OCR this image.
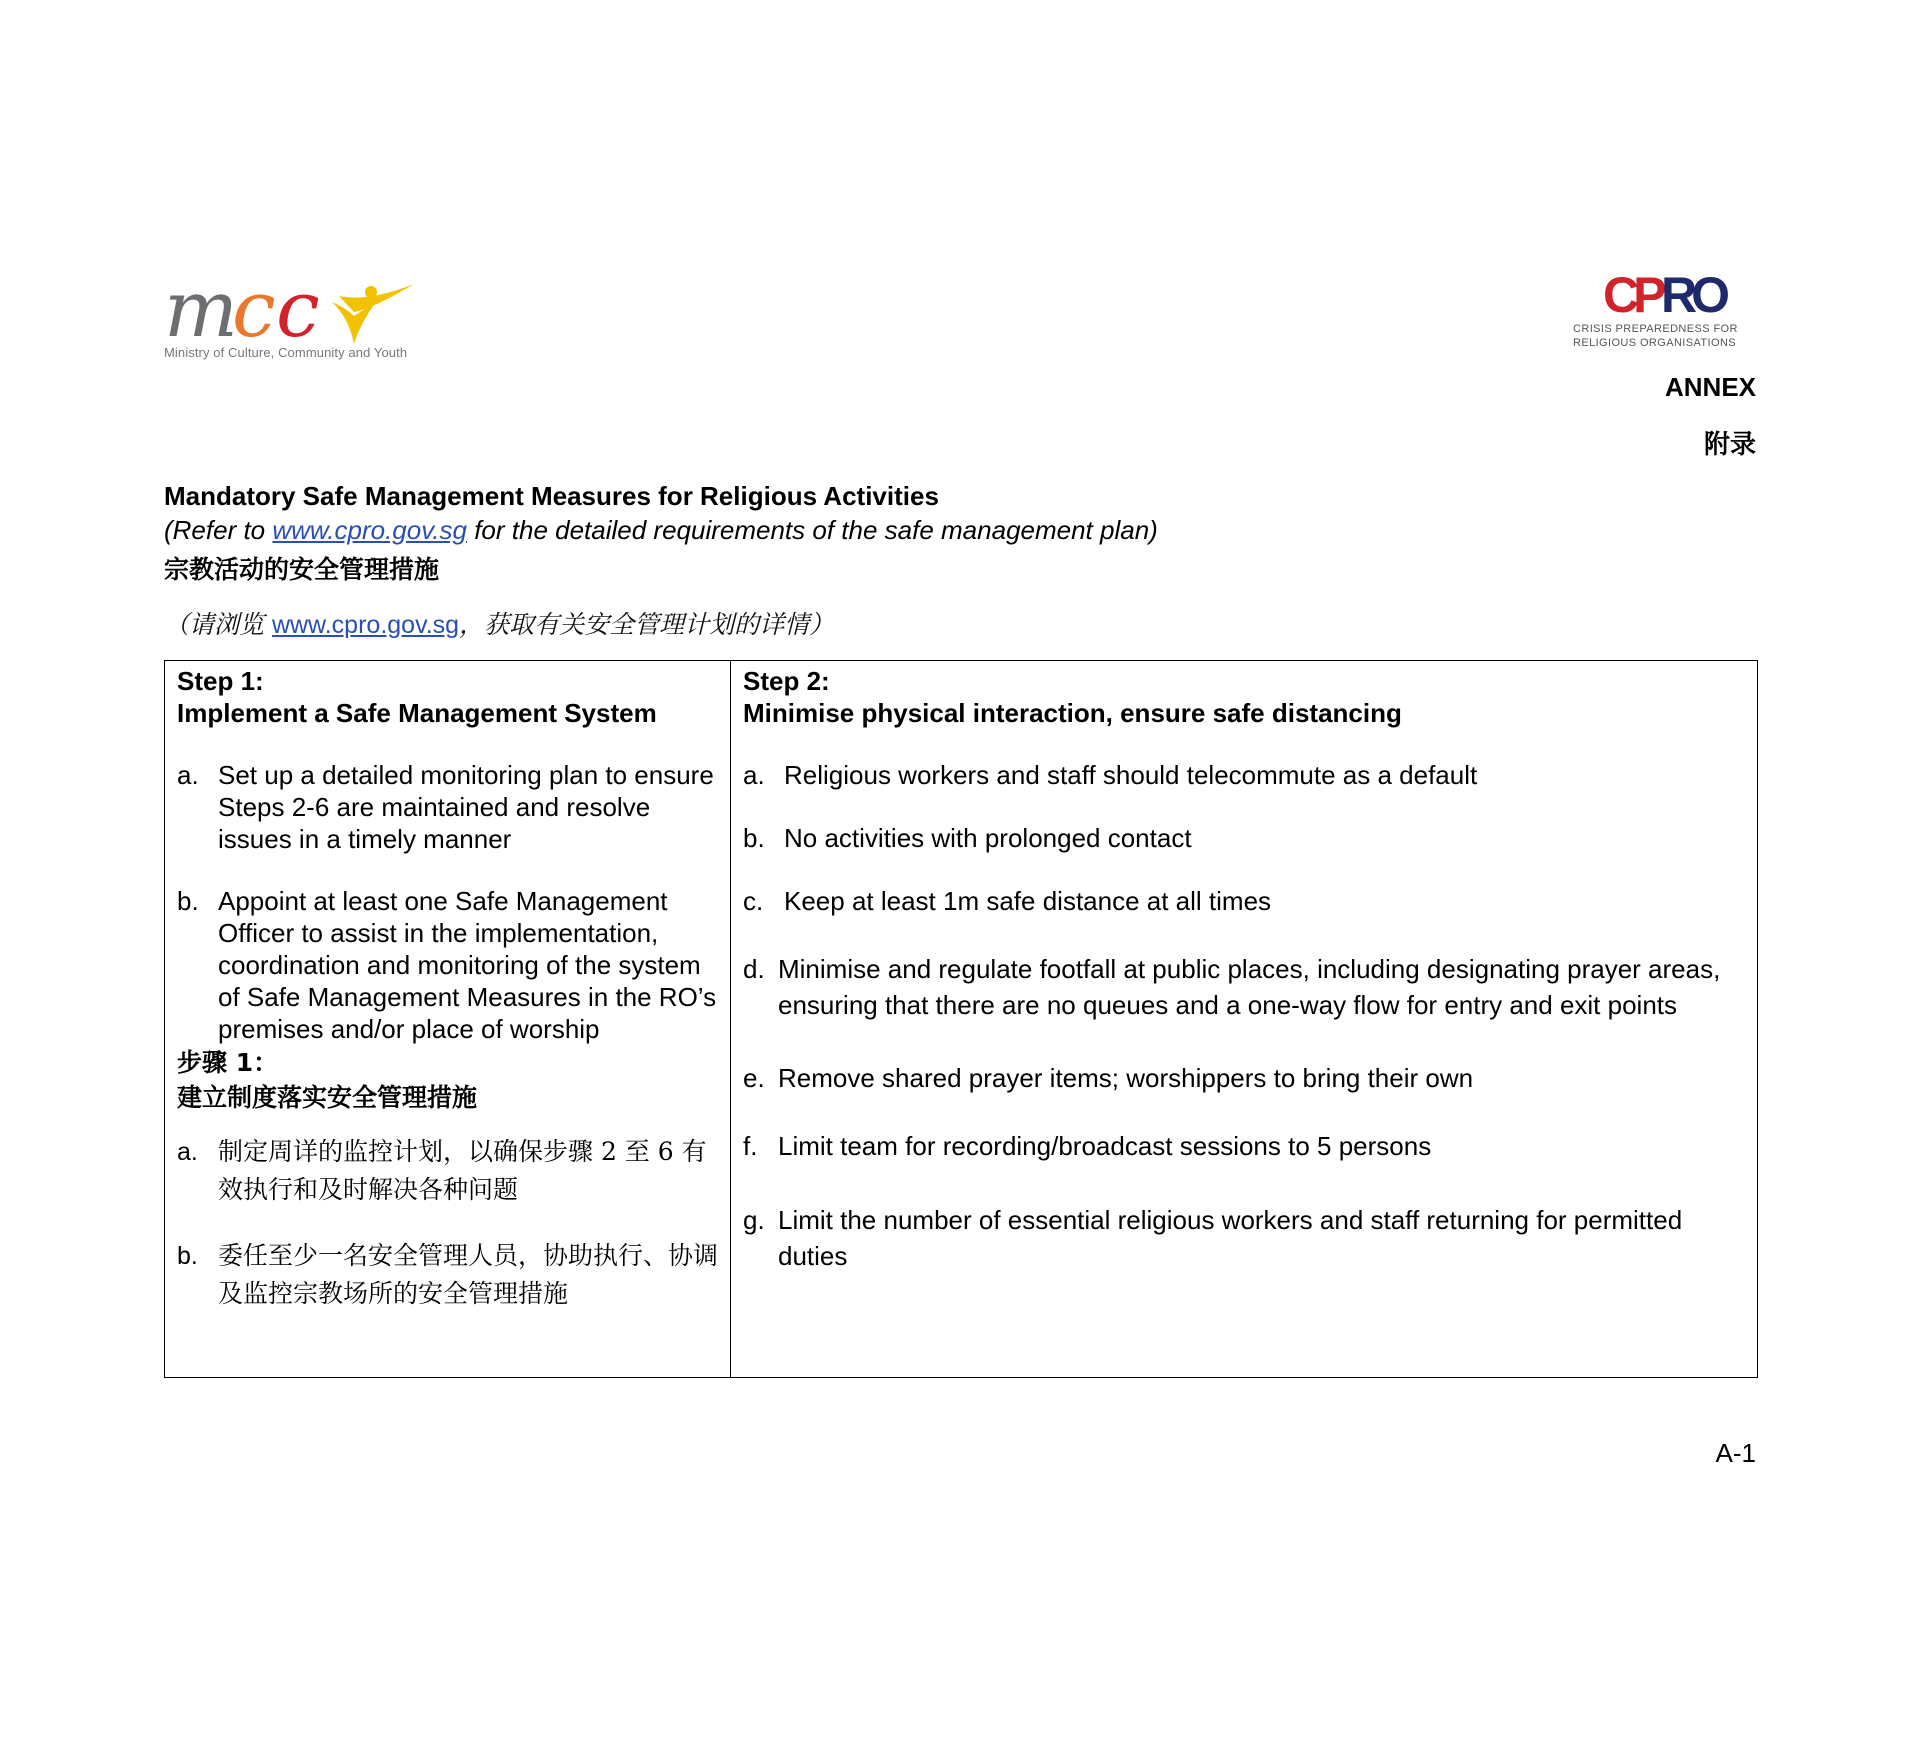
m
c c
Ministry of Culture, Community and Youth
CP RO
CRISIS PREPAREDNESS FOR
RELIGIOUS ORGANISATIONS
ANNEX
附录
Mandatory Safe Management Measures for Religious Activities
(Refer to www.cpro.gov.sg for the detailed requirements of the safe management plan)
宗教活动的安全管理措施
（请浏览 www.cpro.gov.sg，获取有关安全管理计划的详情）
Step 1:
Implement a Safe Management System
a. Set up a detailed monitoring plan to ensure Steps 2-6 are maintained and resolve issues in a timely manner
b. Appoint at least one Safe Management Officer to assist in the implementation, coordination and monitoring of the system of Safe Management Measures in the RO’s premises and/or place of worship
步骤 1：
建立制度落实安全管理措施
a. 制定周详的监控计划，以确保步骤 2 至 6 有效执行和及时解决各种问题
b. 委任至少一名安全管理人员，协助执行、协调及监控宗教场所的安全管理措施
Step 2:
Minimise physical interaction, ensure safe distancing
a. Religious workers and staff should telecommute as a default
b. No activities with prolonged contact
c. Keep at least 1m safe distance at all times
d. Minimise and regulate footfall at public places, including designating prayer areas, ensuring that there are no queues and a one-way flow for entry and exit points
e. Remove shared prayer items; worshippers to bring their own
f. Limit team for recording/broadcast sessions to 5 persons
g. Limit the number of essential religious workers and staff returning for permitted duties
A-1
